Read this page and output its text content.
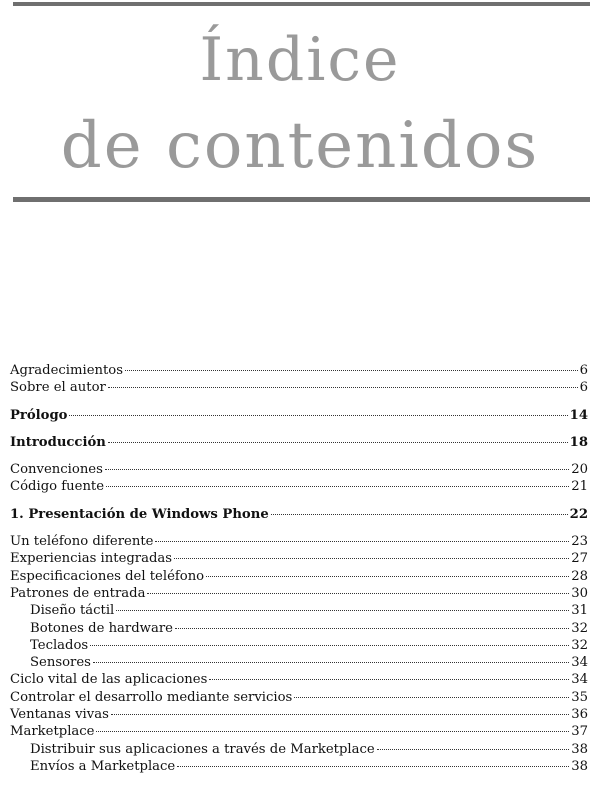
Índice
de contenidos
Agradecimientos	6
Sobre el autor	6
Prólogo	14
Introducción	18
Convenciones	20
Código fuente	21
1. Presentación de Windows Phone	22
Un teléfono diferente	23
Experiencias integradas	27
Especificaciones del teléfono	28
Patrones de entrada	30
Diseño táctil	31
Botones de hardware	32
Teclados	32
Sensores	34
Ciclo vital de las aplicaciones	34
Controlar el desarrollo mediante servicios	35
Ventanas vivas	36
Marketplace	37
Distribuir sus aplicaciones a través de Marketplace	38
Envíos a Marketplace	38
